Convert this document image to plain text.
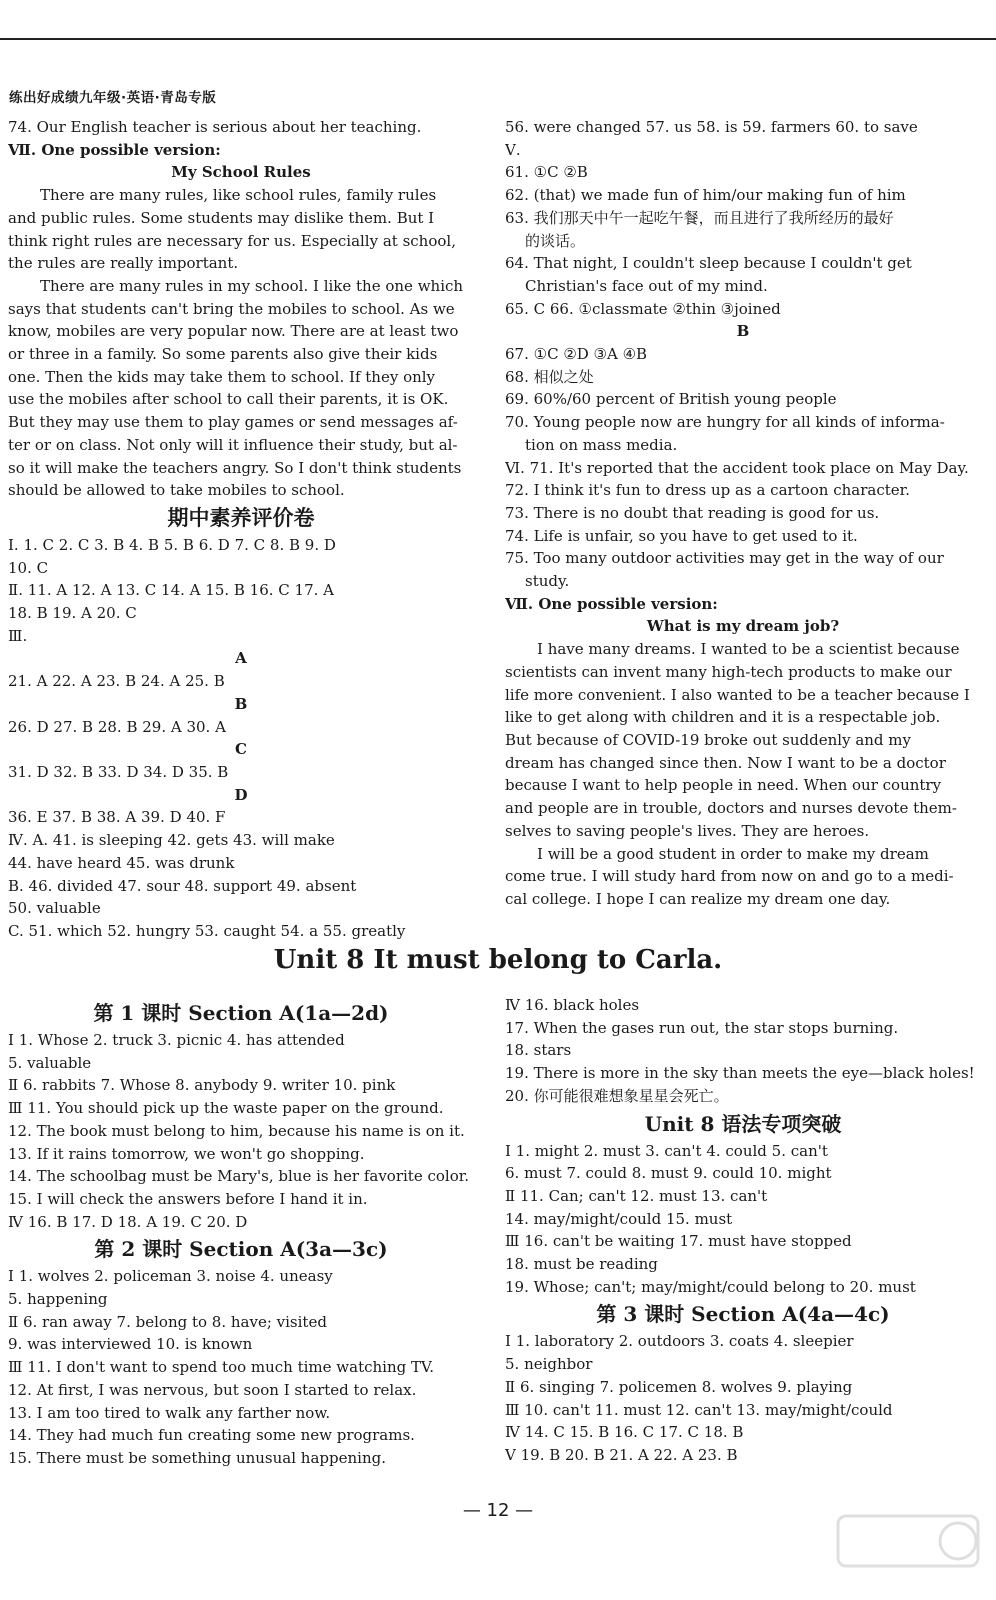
练出好成绩九年级·英语·青岛专版
74. Our English teacher is serious about her teaching.
Ⅶ. One possible version:
My School Rules
There are many rules, like school rules, family rules
and public rules. Some students may dislike them. But I
think right rules are necessary for us. Especially at school,
the rules are really important.
There are many rules in my school. I like the one which
says that students can't bring the mobiles to school. As we
know, mobiles are very popular now. There are at least two
or three in a family. So some parents also give their kids
one. Then the kids may take them to school. If they only
use the mobiles after school to call their parents, it is OK.
But they may use them to play games or send messages af-
ter or on class. Not only will it influence their study, but al-
so it will make the teachers angry. So I don't think students
should be allowed to take mobiles to school.
期中素养评价卷
Ⅰ. 1. C 2. C 3. B 4. B 5. B 6. D 7. C 8. B 9. D
10. C
Ⅱ. 11. A 12. A 13. C 14. A 15. B 16. C 17. A
18. B 19. A 20. C
Ⅲ.
A
21. A 22. A 23. B 24. A 25. B
B
26. D 27. B 28. B 29. A 30. A
C
31. D 32. B 33. D 34. D 35. B
D
36. E 37. B 38. A 39. D 40. F
Ⅳ. A. 41. is sleeping 42. gets 43. will make
44. have heard 45. was drunk
B. 46. divided 47. sour 48. support 49. absent
50. valuable
C. 51. which 52. hungry 53. caught 54. a 55. greatly
56. were changed 57. us 58. is 59. farmers 60. to save
Ⅴ.
61. ①C ②B
62. (that) we made fun of him/our making fun of him
63. 我们那天中午一起吃午餐，而且进行了我所经历的最好
的谈话。
64. That night, I couldn't sleep because I couldn't get
Christian's face out of my mind.
65. C 66. ①classmate ②thin ③joined
B
67. ①C ②D ③A ④B
68. 相似之处
69. 60%/60 percent of British young people
70. Young people now are hungry for all kinds of informa-
tion on mass media.
Ⅵ. 71. It's reported that the accident took place on May Day.
72. I think it's fun to dress up as a cartoon character.
73. There is no doubt that reading is good for us.
74. Life is unfair, so you have to get used to it.
75. Too many outdoor activities may get in the way of our
study.
Ⅶ. One possible version:
What is my dream job?
I have many dreams. I wanted to be a scientist because
scientists can invent many high-tech products to make our
life more convenient. I also wanted to be a teacher because I
like to get along with children and it is a respectable job.
But because of COVID-19 broke out suddenly and my
dream has changed since then. Now I want to be a doctor
because I want to help people in need. When our country
and people are in trouble, doctors and nurses devote them-
selves to saving people's lives. They are heroes.
I will be a good student in order to make my dream
come true. I will study hard from now on and go to a medi-
cal college. I hope I can realize my dream one day.
Unit 8 It must belong to Carla.
第 1 课时 Section A(1a—2d)
Ⅰ 1. Whose 2. truck 3. picnic 4. has attended
5. valuable
Ⅱ 6. rabbits 7. Whose 8. anybody 9. writer 10. pink
Ⅲ 11. You should pick up the waste paper on the ground.
12. The book must belong to him, because his name is on it.
13. If it rains tomorrow, we won't go shopping.
14. The schoolbag must be Mary's, blue is her favorite color.
15. I will check the answers before I hand it in.
Ⅳ 16. B 17. D 18. A 19. C 20. D
第 2 课时 Section A(3a—3c)
Ⅰ 1. wolves 2. policeman 3. noise 4. uneasy
5. happening
Ⅱ 6. ran away 7. belong to 8. have; visited
9. was interviewed 10. is known
Ⅲ 11. I don't want to spend too much time watching TV.
12. At first, I was nervous, but soon I started to relax.
13. I am too tired to walk any farther now.
14. They had much fun creating some new programs.
15. There must be something unusual happening.
Ⅳ 16. black holes
17. When the gases run out, the star stops burning.
18. stars
19. There is more in the sky than meets the eye—black holes!
20. 你可能很难想象星星会死亡。
Unit 8 语法专项突破
Ⅰ 1. might 2. must 3. can't 4. could 5. can't
6. must 7. could 8. must 9. could 10. might
Ⅱ 11. Can; can't 12. must 13. can't
14. may/might/could 15. must
Ⅲ 16. can't be waiting 17. must have stopped
18. must be reading
19. Whose; can't; may/might/could belong to 20. must
第 3 课时 Section A(4a—4c)
Ⅰ 1. laboratory 2. outdoors 3. coats 4. sleepier
5. neighbor
Ⅱ 6. singing 7. policemen 8. wolves 9. playing
Ⅲ 10. can't 11. must 12. can't 13. may/might/could
Ⅳ 14. C 15. B 16. C 17. C 18. B
Ⅴ 19. B 20. B 21. A 22. A 23. B
— 12 —
